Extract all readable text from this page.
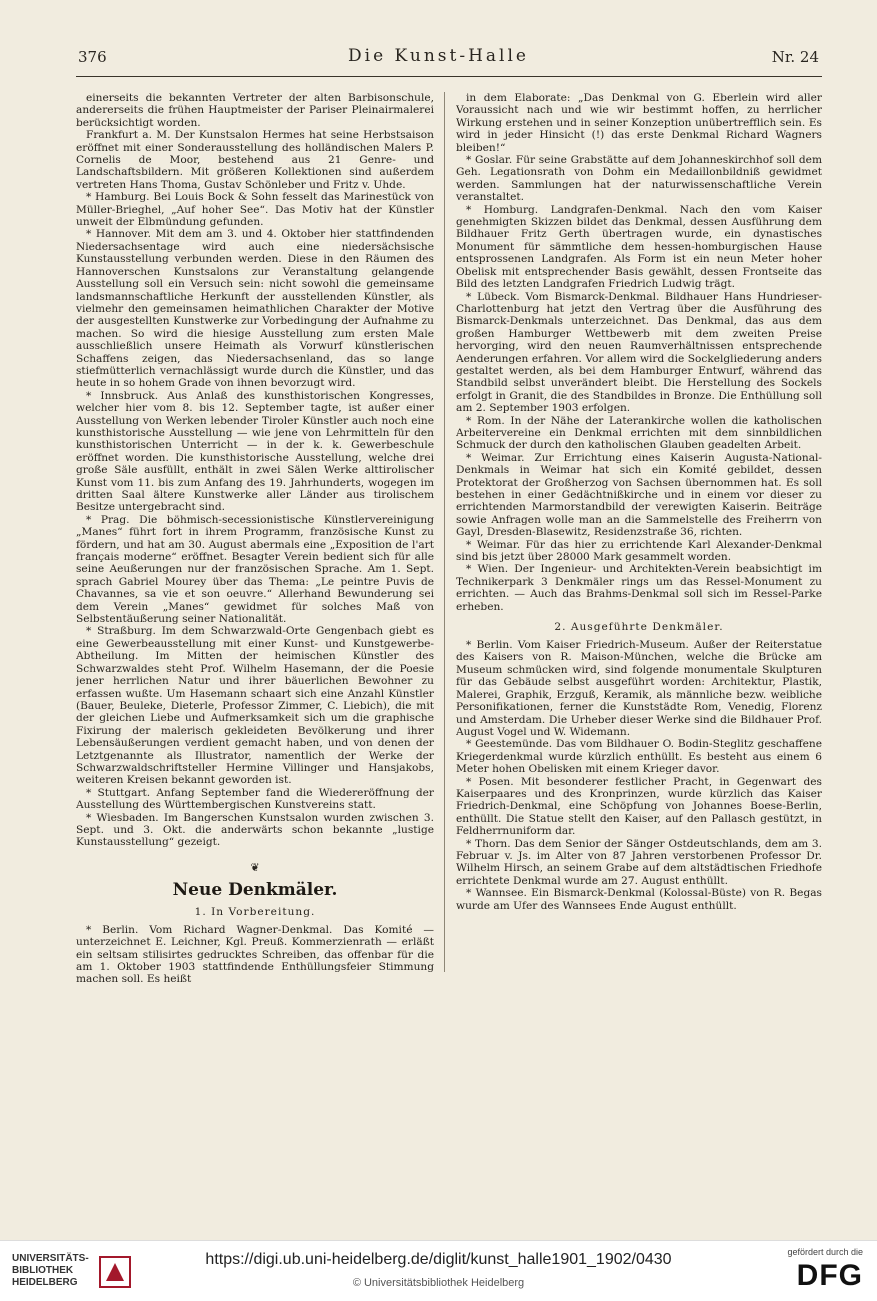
376	Die Kunst-Halle	Nr. 24

einerseits die bekannten Vertreter der alten Barbisonschule, andererseits die frühen Hauptmeister der Pariser Pleinairmalerei berücksichtigt worden.

Frankfurt a. M. Der Kunstsalon Hermes hat seine Herbstsaison eröffnet mit einer Sonderausstellung des holländischen Malers P. Cornelis de Moor, bestehend aus 21 Genre- und Landschaftsbildern. Mit größeren Kollektionen sind außerdem vertreten Hans Thoma, Gustav Schönleber und Fritz v. Uhde.

* Hamburg. Bei Louis Bock & Sohn fesselt das Marinestück von Müller-Brieghel, „Auf hoher See“. Das Motiv hat der Künstler unweit der Elbmündung gefunden.

* Hannover. Mit dem am 3. und 4. Oktober hier stattfindenden Niedersachsentage wird auch eine niedersächsische Kunstausstellung verbunden werden. Diese in den Räumen des Hannoverschen Kunstsalons zur Veranstaltung gelangende Ausstellung soll ein Versuch sein: nicht sowohl die gemeinsame landsmannschaftliche Herkunft der ausstellenden Künstler, als vielmehr den gemeinsamen heimathlichen Charakter der Motive der ausgestellten Kunstwerke zur Vorbedingung der Aufnahme zu machen. So wird die hiesige Ausstellung zum ersten Male ausschließlich unsere Heimath als Vorwurf künstlerischen Schaffens zeigen, das Niedersachsenland, das so lange stiefmütterlich vernachlässigt wurde durch die Künstler, und das heute in so hohem Grade von ihnen bevorzugt wird.

* Innsbruck. Aus Anlaß des kunsthistorischen Kongresses, welcher hier vom 8. bis 12. September tagte, ist außer einer Ausstellung von Werken lebender Tiroler Künstler auch noch eine kunsthistorische Ausstellung — wie jene von Lehrmitteln für den kunsthistorischen Unterricht — in der k. k. Gewerbeschule eröffnet worden. Die kunsthistorische Ausstellung, welche drei große Säle ausfüllt, enthält in zwei Sälen Werke alttirolischer Kunst vom 11. bis zum Anfang des 19. Jahrhunderts, wogegen im dritten Saal ältere Kunstwerke aller Länder aus tirolischem Besitze untergebracht sind.

* Prag. Die böhmisch-secessionistische Künstlervereinigung „Manes“ führt fort in ihrem Programm, französische Kunst zu fördern, und hat am 30. August abermals eine „Exposition de l'art français moderne“ eröffnet. Besagter Verein bedient sich für alle seine Aeußerungen nur der französischen Sprache. Am 1. Sept. sprach Gabriel Mourey über das Thema: „Le peintre Puvis de Chavannes, sa vie et son oeuvre.“ Allerhand Bewunderung sei dem Verein „Manes“ gewidmet für solches Maß von Selbstentäußerung seiner Nationalität.

* Straßburg. Im dem Schwarzwald-Orte Gengenbach giebt es eine Gewerbeausstellung mit einer Kunst- und Kunstgewerbe-Abtheilung. Im Mitten der heimischen Künstler des Schwarzwaldes steht Prof. Wilhelm Hasemann, der die Poesie jener herrlichen Natur und ihrer bäuerlichen Bewohner zu erfassen wußte. Um Hasemann schaart sich eine Anzahl Künstler (Bauer, Beuleke, Dieterle, Professor Zimmer, C. Liebich), die mit der gleichen Liebe und Aufmerksamkeit sich um die graphische Fixirung der malerisch gekleideten Bevölkerung und ihrer Lebensäußerungen verdient gemacht haben, und von denen der Letztgenannte als Illustrator, namentlich der Werke der Schwarzwaldschriftsteller Hermine Villinger und Hansjakobs, weiteren Kreisen bekannt geworden ist.

* Stuttgart. Anfang September fand die Wiedereröffnung der Ausstellung des Württembergischen Kunstvereins statt.

* Wiesbaden. Im Bangerschen Kunstsalon wurden zwischen 3. Sept. und 3. Okt. die anderwärts schon bekannte „lustige Kunstausstellung“ gezeigt.

❦
Neue Denkmäler.
1. In Vorbereitung.

* Berlin. Vom Richard Wagner-Denkmal. Das Komité — unterzeichnet E. Leichner, Kgl. Preuß. Kommerzienrath — erläßt ein seltsam stilisirtes gedrucktes Schreiben, das offenbar für die am 1. Oktober 1903 stattfindende Enthüllungsfeier Stimmung machen soll. Es heißt

in dem Elaborate: „Das Denkmal von G. Eberlein wird aller Voraussicht nach und wie wir bestimmt hoffen, zu herrlicher Wirkung erstehen und in seiner Konzeption unübertrefflich sein. Es wird in jeder Hinsicht (!) das erste Denkmal Richard Wagners bleiben!“

* Goslar. Für seine Grabstätte auf dem Johanneskirchhof soll dem Geh. Legationsrath von Dohm ein Medaillonbildniß gewidmet werden. Sammlungen hat der naturwissenschaftliche Verein veranstaltet.

* Homburg. Landgrafen-Denkmal. Nach den vom Kaiser genehmigten Skizzen bildet das Denkmal, dessen Ausführung dem Bildhauer Fritz Gerth übertragen wurde, ein dynastisches Monument für sämmtliche dem hessen-homburgischen Hause entsprossenen Landgrafen. Als Form ist ein neun Meter hoher Obelisk mit entsprechender Basis gewählt, dessen Frontseite das Bild des letzten Landgrafen Friedrich Ludwig trägt.

* Lübeck. Vom Bismarck-Denkmal. Bildhauer Hans Hundrieser-Charlottenburg hat jetzt den Vertrag über die Ausführung des Bismarck-Denkmals unterzeichnet. Das Denkmal, das aus dem großen Hamburger Wettbewerb mit dem zweiten Preise hervorging, wird den neuen Raumverhältnissen entsprechende Aenderungen erfahren. Vor allem wird die Sockelgliederung anders gestaltet werden, als bei dem Hamburger Entwurf, während das Standbild selbst unverändert bleibt. Die Herstellung des Sockels erfolgt in Granit, die des Standbildes in Bronze. Die Enthüllung soll am 2. September 1903 erfolgen.

* Rom. In der Nähe der Laterankirche wollen die katholischen Arbeitervereine ein Denkmal errichten mit dem sinnbildlichen Schmuck der durch den katholischen Glauben geadelten Arbeit.

* Weimar. Zur Errichtung eines Kaiserin Augusta-National-Denkmals in Weimar hat sich ein Komité gebildet, dessen Protektorat der Großherzog von Sachsen übernommen hat. Es soll bestehen in einer Gedächtnißkirche und in einem vor dieser zu errichtenden Marmorstandbild der verewigten Kaiserin. Beiträge sowie Anfragen wolle man an die Sammelstelle des Freiherrn von Gayl, Dresden-Blasewitz, Residenzstraße 36, richten.

* Weimar. Für das hier zu errichtende Karl Alexander-Denkmal sind bis jetzt über 28000 Mark gesammelt worden.

* Wien. Der Ingenieur- und Architekten-Verein beabsichtigt im Technikerpark 3 Denkmäler rings um das Ressel-Monument zu errichten. — Auch das Brahms-Denkmal soll sich im Ressel-Parke erheben.

2. Ausgeführte Denkmäler.

* Berlin. Vom Kaiser Friedrich-Museum. Außer der Reiterstatue des Kaisers von R. Maison-München, welche die Brücke am Museum schmücken wird, sind folgende monumentale Skulpturen für das Gebäude selbst ausgeführt worden: Architektur, Plastik, Malerei, Graphik, Erzguß, Keramik, als männliche bezw. weibliche Personifikationen, ferner die Kunststädte Rom, Venedig, Florenz und Amsterdam. Die Urheber dieser Werke sind die Bildhauer Prof. August Vogel und W. Widemann.

* Geestemünde. Das vom Bildhauer O. Bodin-Steglitz geschaffene Kriegerdenkmal wurde kürzlich enthüllt. Es besteht aus einem 6 Meter hohen Obelisken mit einem Krieger davor.

* Posen. Mit besonderer festlicher Pracht, in Gegenwart des Kaiserpaares und des Kronprinzen, wurde kürzlich das Kaiser Friedrich-Denkmal, eine Schöpfung von Johannes Boese-Berlin, enthüllt. Die Statue stellt den Kaiser, auf den Pallasch gestützt, in Feldherrnuniform dar.

* Thorn. Das dem Senior der Sänger Ostdeutschlands, dem am 3. Februar v. Js. im Alter von 87 Jahren verstorbenen Professor Dr. Wilhelm Hirsch, an seinem Grabe auf dem altstädtischen Friedhofe errichtete Denkmal wurde am 27. August enthüllt.

* Wannsee. Ein Bismarck-Denkmal (Kolossal-Büste) von R. Begas wurde am Ufer des Wannsees Ende August enthüllt.

UNIVERSITÄTS-
BIBLIOTHEK
HEIDELBERG
https://digi.ub.uni-heidelberg.de/diglit/kunst_halle1901_1902/0430
© Universitätsbibliothek Heidelberg
gefördert durch die
DFG
